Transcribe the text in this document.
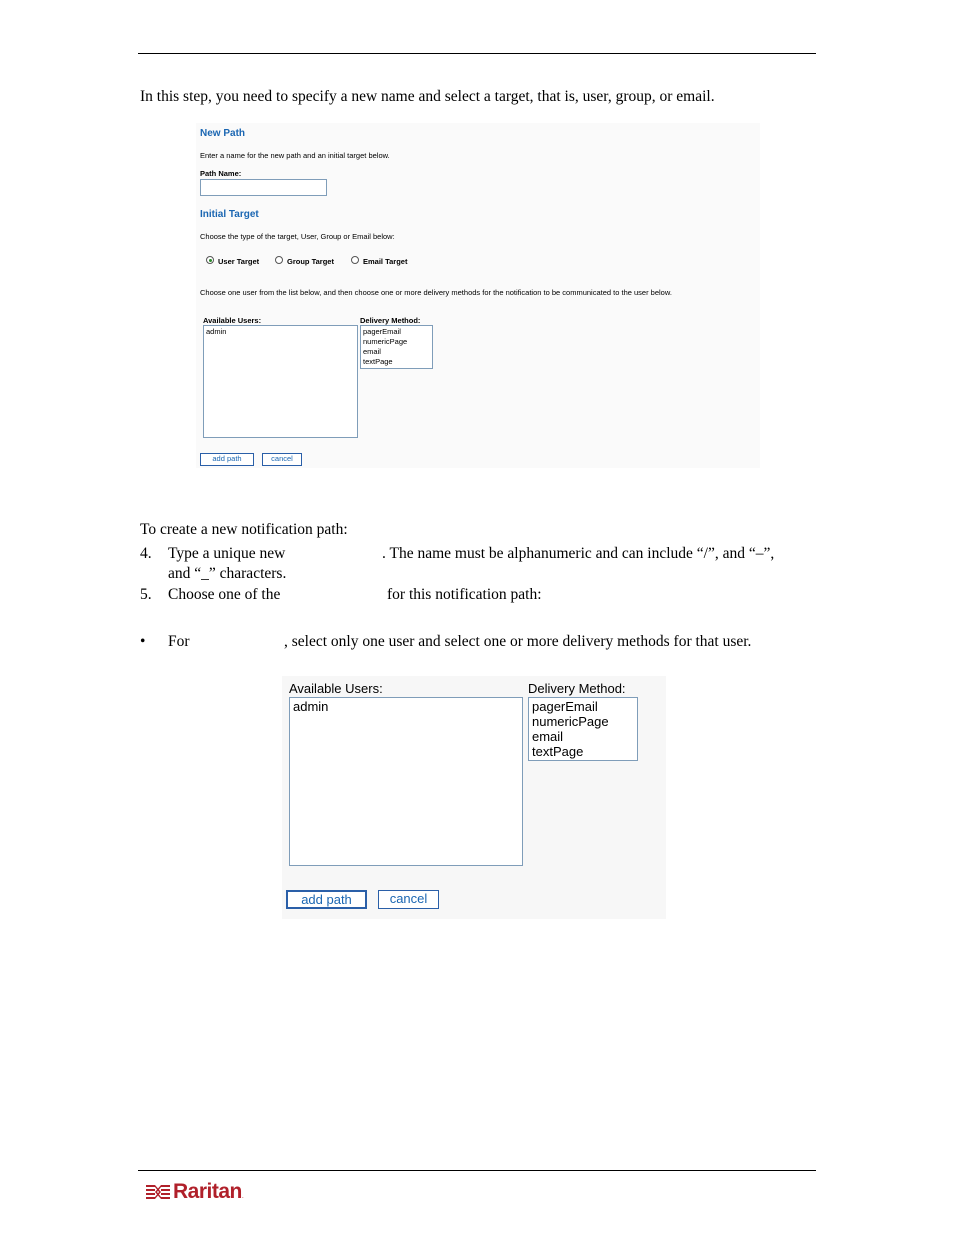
In this step, you need to specify a new name and select a target, that is, user, group, or email.
New Path
Enter a name for the new path and an initial target below.
Path Name:
Initial Target
Choose the type of the target, User, Group or Email below:
User Target	Group Target	Email Target
Choose one user from the list below, and then choose one or more delivery methods for the notification to be communicated to the user below.
Available Users:
admin
Delivery Method:
pagerEmail
numericPage
email
textPage
add path	cancel
To create a new notification path:
4. Type a unique new	. The name must be alphanumeric and can include “/”, and “–”,
and “_” characters.
5. Choose one of the	for this notification path:
• For	, select only one user and select one or more delivery methods for that user.
Available Users:
admin
Delivery Method:
pagerEmail
numericPage
email
textPage
add path	cancel
Raritan .
